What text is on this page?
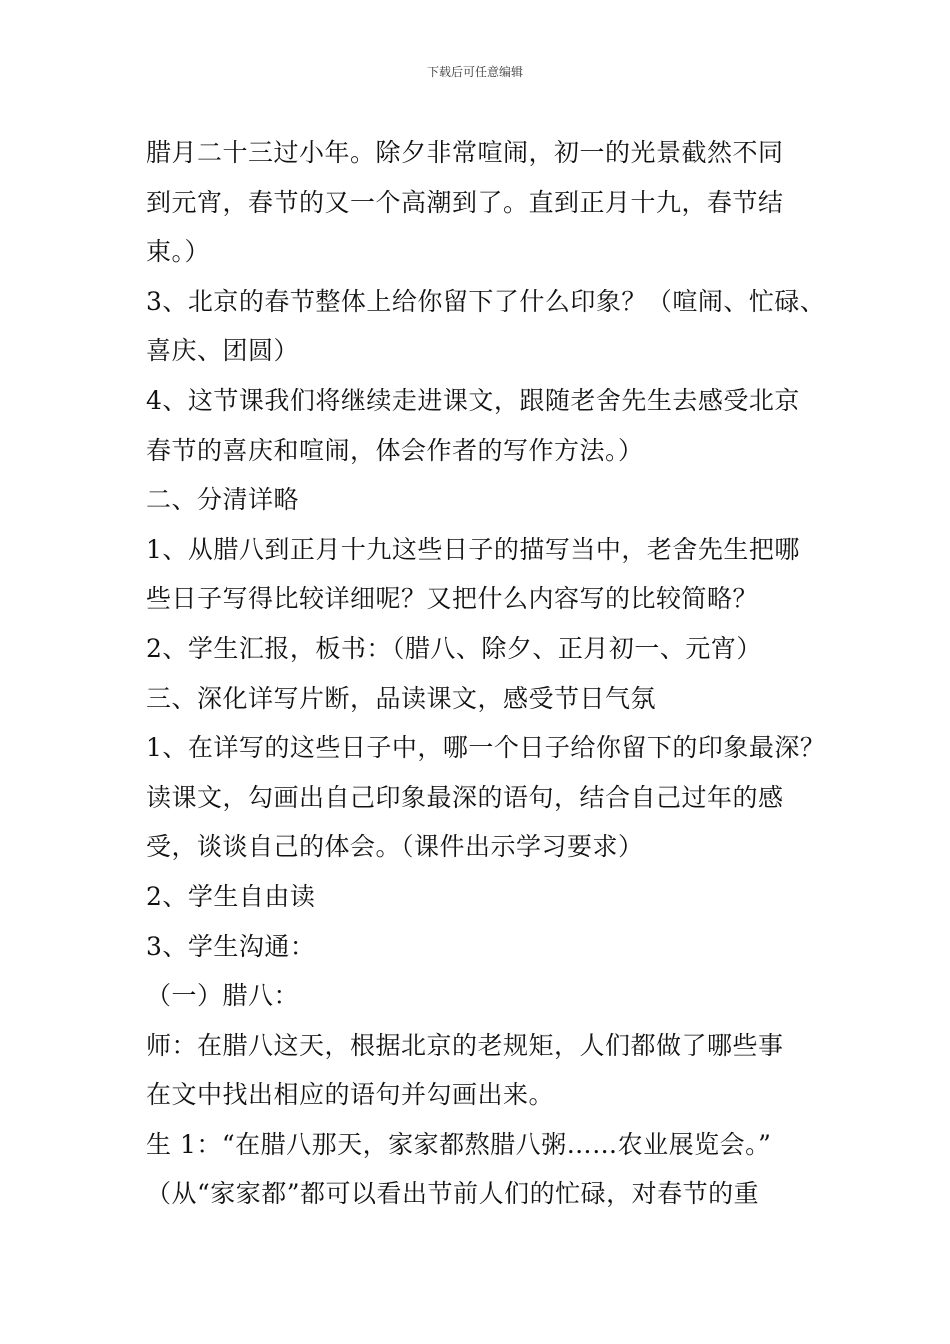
下载后可任意编辑
腊月二十三过小年。除夕非常喧闹，初一的光景截然不同
到元宵，春节的又一个高潮到了。直到正月十九，春节结
束。）
3、北京的春节整体上给你留下了什么印象？（喧闹、忙碌、
喜庆、团圆）
4、这节课我们将继续走进课文，跟随老舍先生去感受北京
春节的喜庆和喧闹，体会作者的写作方法。）
二、分清详略
1、从腊八到正月十九这些日子的描写当中，老舍先生把哪
些日子写得比较详细呢？又把什么内容写的比较简略？
2、学生汇报，板书：（腊八、除夕、正月初一、元宵）
三、深化详写片断，品读课文，感受节日气氛
1、在详写的这些日子中，哪一个日子给你留下的印象最深？
读课文，勾画出自己印象最深的语句，结合自己过年的感
受，谈谈自己的体会。（课件出示学习要求）
2、学生自由读
3、学生沟通：
（一）腊八：
师：在腊八这天，根据北京的老规矩，人们都做了哪些事
在文中找出相应的语句并勾画出来。
生 1：“在腊八那天，家家都熬腊八粥……农业展览会。”
（从“家家都”都可以看出节前人们的忙碌，对春节的重
